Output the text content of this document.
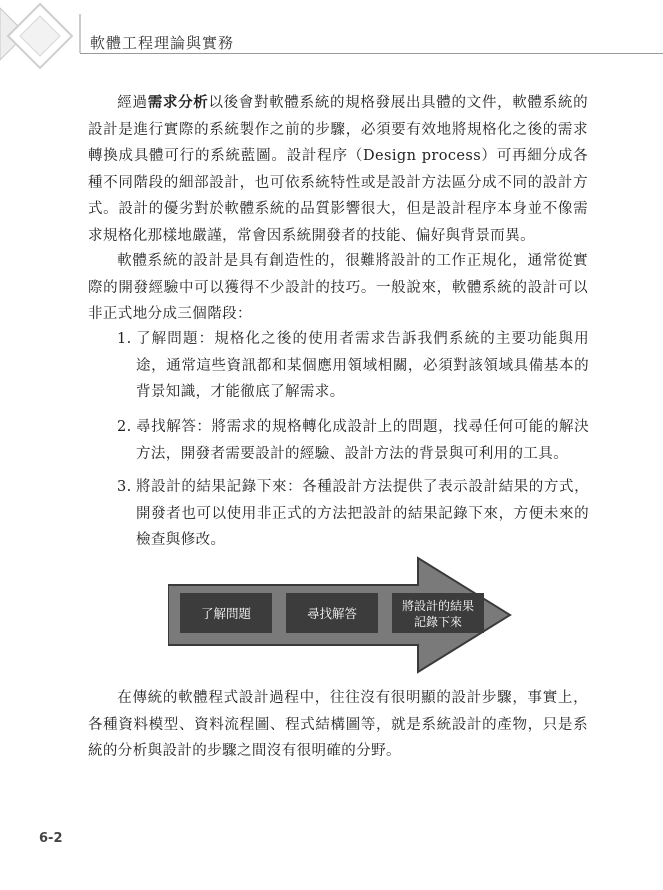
軟體工程理論與實務

經過需求分析以後會對軟體系統的規格發展出具體的文件，軟體系統的設計是進行實際的系統製作之前的步驟，必須要有效地將規格化之後的需求轉換成具體可行的系統藍圖。設計程序（Design process）可再細分成各種不同階段的細部設計，也可依系統特性或是設計方法區分成不同的設計方式。設計的優劣對於軟體系統的品質影響很大，但是設計程序本身並不像需求規格化那樣地嚴謹，常會因系統開發者的技能、偏好與背景而異。

軟體系統的設計是具有創造性的，很難將設計的工作正規化，通常從實際的開發經驗中可以獲得不少設計的技巧。一般說來，軟體系統的設計可以非正式地分成三個階段：

1. 了解問題：規格化之後的使用者需求告訴我們系統的主要功能與用途，通常這些資訊都和某個應用領域相關，必須對該領域具備基本的背景知識，才能徹底了解需求。
2. 尋找解答：將需求的規格轉化成設計上的問題，找尋任何可能的解決方法，開發者需要設計的經驗、設計方法的背景與可利用的工具。
3. 將設計的結果記錄下來：各種設計方法提供了表示設計結果的方式，開發者也可以使用非正式的方法把設計的結果記錄下來，方便未來的檢查與修改。
了解問題	尋找解答	將設計的結果
記錄下來

在傳統的軟體程式設計過程中，往往沒有很明顯的設計步驟，事實上，各種資料模型、資料流程圖、程式結構圖等，就是系統設計的產物，只是系統的分析與設計的步驟之間沒有很明確的分野。

6-2
